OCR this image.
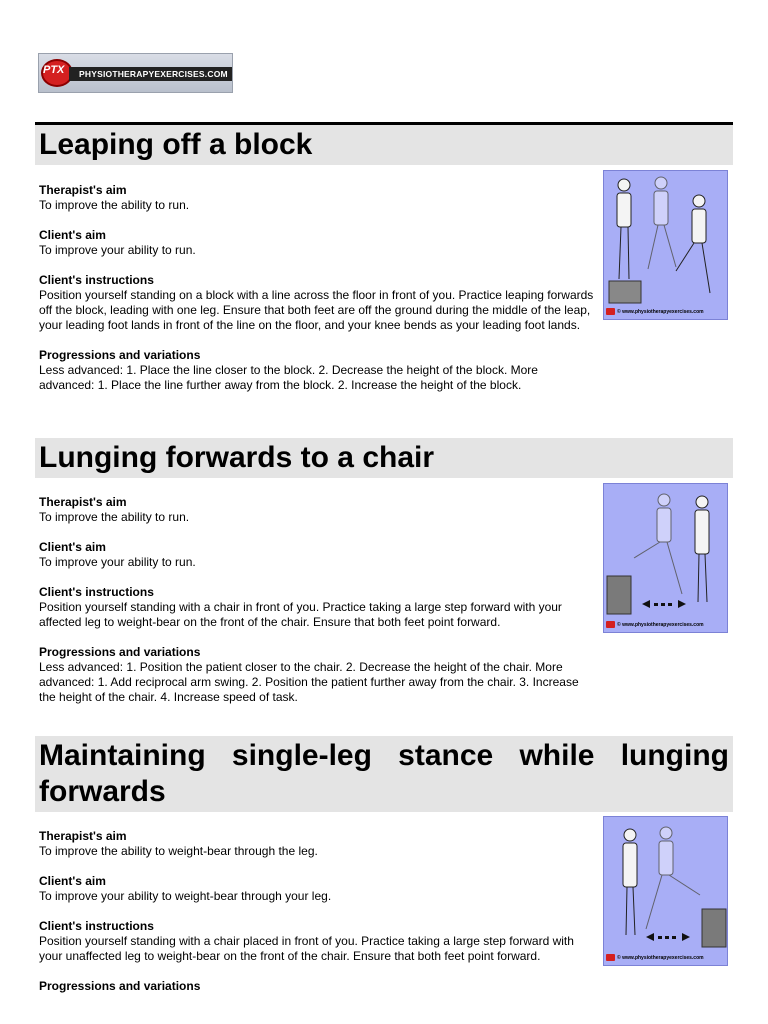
PTX	PHYSIOTHERAPYEXERCISES.COM
Leaping off a block
Therapist's aim
To improve the ability to run.
Client's aim
To improve your ability to run.
Client's instructions
Position yourself standing on a block with a line across the floor in front of you. Practice leaping forwards off the block, leading with one leg. Ensure that both feet are off the ground during the middle of the leap, your leading foot lands in front of the line on the floor, and your knee bends as your leading foot lands.
Progressions and variations
Less advanced: 1. Place the line closer to the block. 2. Decrease the height of the block. More advanced: 1. Place the line further away from the block. 2. Increase the height of the block.
© www.physiotherapyexercises.com
Lunging forwards to a chair
Therapist's aim
To improve the ability to run.
Client's aim
To improve your ability to run.
Client's instructions
Position yourself standing with a chair in front of you. Practice taking a large step forward with your affected leg to weight-bear on the front of the chair. Ensure that both feet point forward.
Progressions and variations
Less advanced: 1. Position the patient closer to the chair. 2. Decrease the height of the chair. More advanced: 1. Add reciprocal arm swing. 2. Position the patient further away from the chair. 3. Increase the height of the chair. 4. Increase speed of task.
© www.physiotherapyexercises.com
Maintaining single-leg stance while lunging forwards
Therapist's aim
To improve the ability to weight-bear through the leg.
Client's aim
To improve your ability to weight-bear through your leg.
Client's instructions
Position yourself standing with a chair placed in front of you. Practice taking a large step forward with your unaffected leg to weight-bear on the front of the chair. Ensure that both feet point forward.
Progressions and variations
© www.physiotherapyexercises.com
